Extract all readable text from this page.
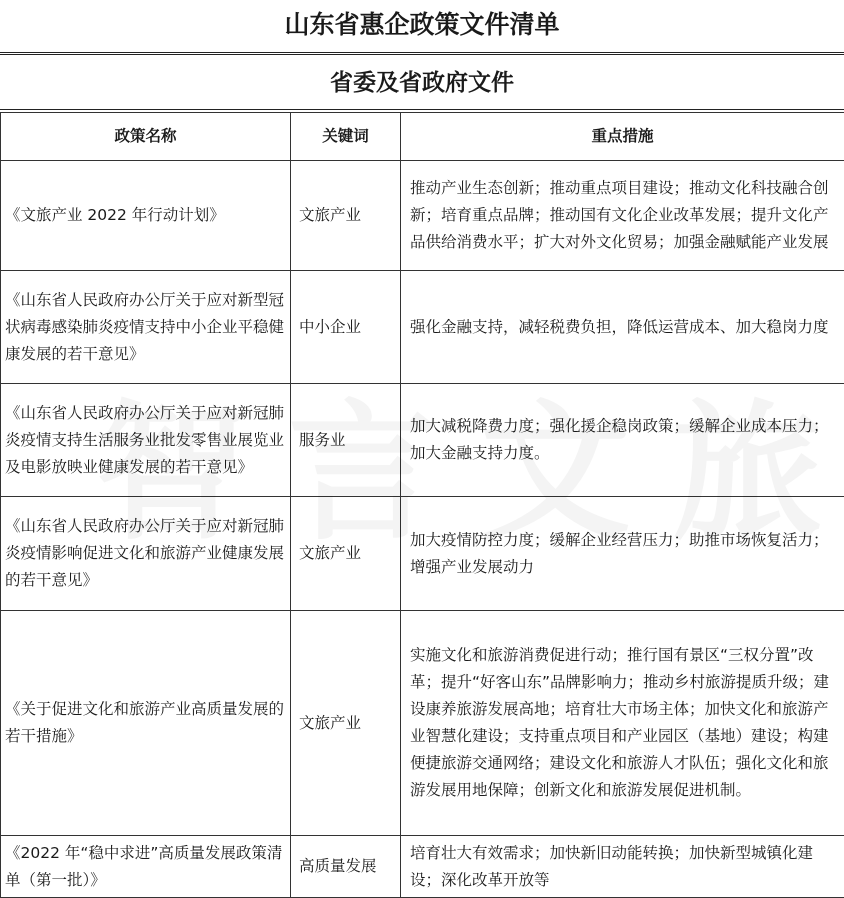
山东省惠企政策文件清单
省委及省政府文件
政策名称	关键词	重点措施
《文旅产业 2022 年行动计划》	文旅产业	推动产业生态创新；推动重点项目建设；推动文化科技融合创新；培育重点品牌；推动国有文化企业改革发展；提升文化产品供给消费水平；扩大对外文化贸易；加强金融赋能产业发展
《山东省人民政府办公厅关于应对新型冠状病毒感染肺炎疫情支持中小企业平稳健康发展的若干意见》	中小企业	强化金融支持，减轻税费负担，降低运营成本、加大稳岗力度
《山东省人民政府办公厅关于应对新冠肺炎疫情支持生活服务业批发零售业展览业及电影放映业健康发展的若干意见》	服务业	加大减税降费力度；强化援企稳岗政策；缓解企业成本压力；加大金融支持力度。
《山东省人民政府办公厅关于应对新冠肺炎疫情影响促进文化和旅游产业健康发展的若干意见》	文旅产业	加大疫情防控力度；缓解企业经营压力；助推市场恢复活力；增强产业发展动力
《关于促进文化和旅游产业高质量发展的若干措施》	文旅产业	实施文化和旅游消费促进行动；推行国有景区“三权分置”改革；提升“好客山东”品牌影响力；推动乡村旅游提质升级；建设康养旅游发展高地；培育壮大市场主体；加快文化和旅游产业智慧化建设；支持重点项目和产业园区（基地）建设；构建便捷旅游交通网络；建设文化和旅游人才队伍；强化文化和旅游发展用地保障；创新文化和旅游发展促进机制。
《2022 年“稳中求进”高质量发展政策清单（第一批）》	高质量发展	培育壮大有效需求；加快新旧动能转换；加快新型城镇化建设；深化改革开放等
